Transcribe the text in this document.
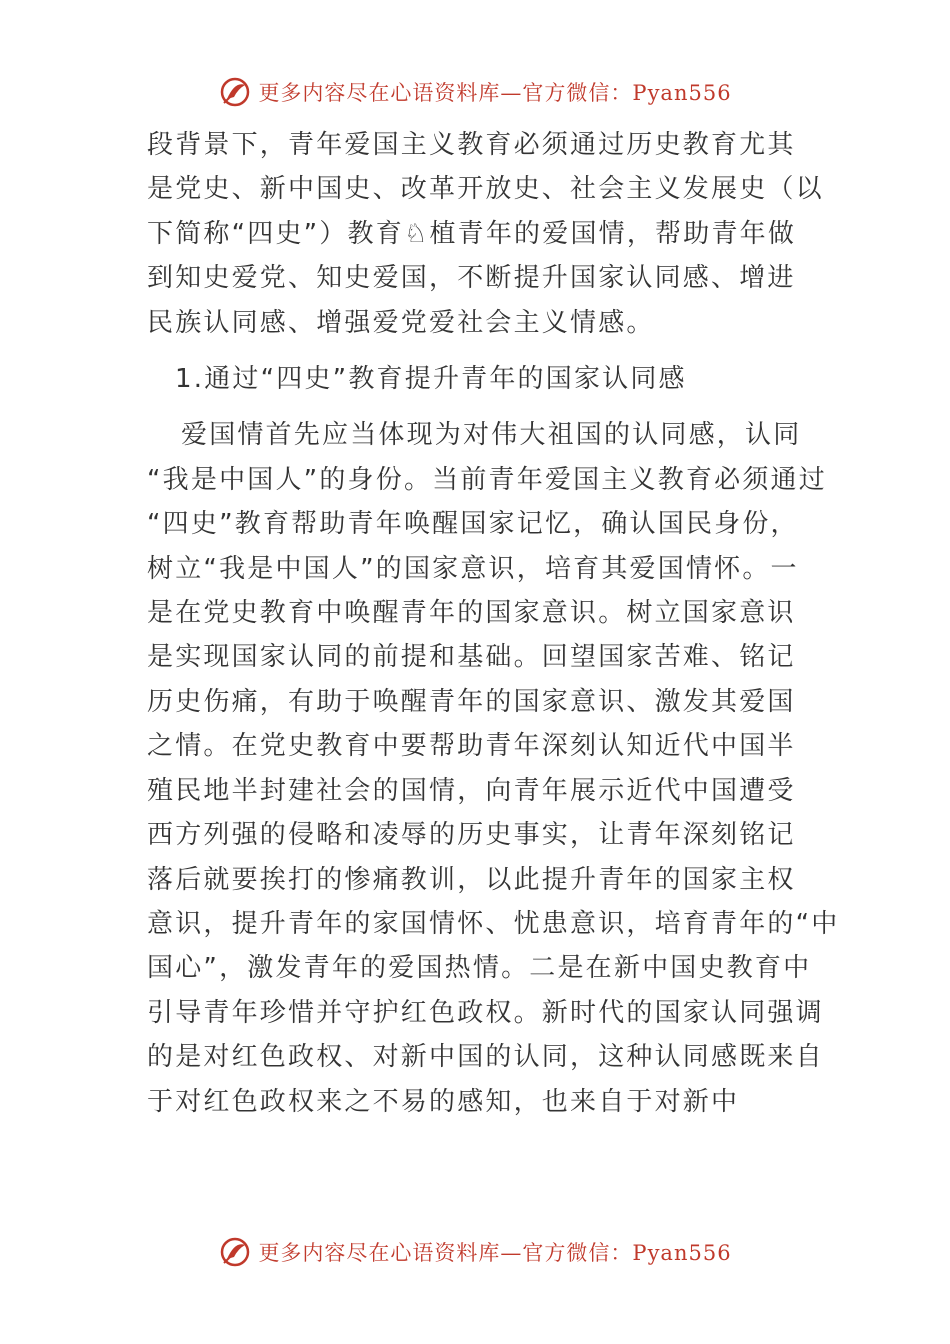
更多内容尽在心语资料库—官方微信：Pyan556

段背景下，青年爱国主义教育必须通过历史教育尤其
是党史、新中国史、改革开放史、社会主义发展史（以
下简称“四史”）教育♘植青年的爱国情，帮助青年做
到知史爱党、知史爱国，不断提升国家认同感、增进
民族认同感、增强爱党爱社会主义情感。

1.通过“四史”教育提升青年的国家认同感

爱国情首先应当体现为对伟大祖国的认同感，认同
“我是中国人”的身份。当前青年爱国主义教育必须通过
“四史”教育帮助青年唤醒国家记忆，确认国民身份，
树立“我是中国人”的国家意识，培育其爱国情怀。一
是在党史教育中唤醒青年的国家意识。树立国家意识
是实现国家认同的前提和基础。回望国家苦难、铭记
历史伤痛，有助于唤醒青年的国家意识、激发其爱国
之情。在党史教育中要帮助青年深刻认知近代中国半
殖民地半封建社会的国情，向青年展示近代中国遭受
西方列强的侵略和凌辱的历史事实，让青年深刻铭记
落后就要挨打的惨痛教训，以此提升青年的国家主权
意识，提升青年的家国情怀、忧患意识，培育青年的“中
国心”，激发青年的爱国热情。二是在新中国史教育中
引导青年珍惜并守护红色政权。新时代的国家认同强调
的是对红色政权、对新中国的认同，这种认同感既来自
于对红色政权来之不易的感知，也来自于对新中

更多内容尽在心语资料库—官方微信：Pyan556
